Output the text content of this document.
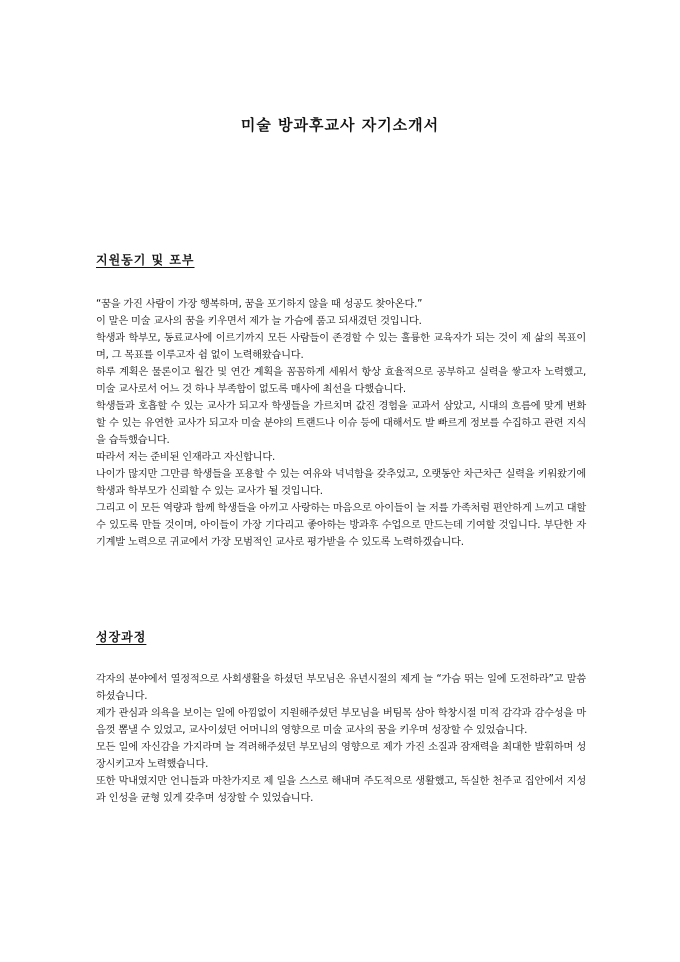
미술 방과후교사 자기소개서
지원동기 및 포부

“꿈을 가진 사람이 가장 행복하며, 꿈을 포기하지 않을 때 성공도 찾아온다.”

이 말은 미술 교사의 꿈을 키우면서 제가 늘 가슴에 품고 되새겼던 것입니다.

학생과 학부모, 동료교사에 이르기까지 모든 사람들이 존경할 수 있는 훌륭한 교육자가 되는 것이 제 삶의 목표이며, 그 목표를 이루고자 쉼 없이 노력해왔습니다.

하루 계획은 물론이고 월간 및 연간 계획을 꼼꼼하게 세워서 항상 효율적으로 공부하고 실력을 쌓고자 노력했고, 미술 교사로서 어느 것 하나 부족함이 없도록 매사에 최선을 다했습니다.

학생들과 호흡할 수 있는 교사가 되고자 학생들을 가르치며 값진 경험을 교과서 삼았고, 시대의 흐름에 맞게 변화할 수 있는 유연한 교사가 되고자 미술 분야의 트랜드나 이슈 등에 대해서도 발 빠르게 정보를 수집하고 관련 지식을 습득했습니다.

따라서 저는 준비된 인재라고 자신합니다.

나이가 많지만 그만큼 학생들을 포용할 수 있는 여유와 넉넉함을 갖추었고, 오랫동안 차근차근 실력을 키워왔기에 학생과 학부모가 신뢰할 수 있는 교사가 될 것입니다.

그리고 이 모든 역량과 함께 학생들을 아끼고 사랑하는 마음으로 아이들이 늘 저를 가족처럼 편안하게 느끼고 대할 수 있도록 만들 것이며, 아이들이 가장 기다리고 좋아하는 방과후 수업으로 만드는데 기여할 것입니다. 부단한 자기계발 노력으로 귀교에서 가장 모범적인 교사로 평가받을 수 있도록 노력하겠습니다.

성장과정

각자의 분야에서 열정적으로 사회생활을 하셨던 부모님은 유년시절의 제게 늘 “가슴 뛰는 일에 도전하라”고 말씀하셨습니다.

제가 관심과 의욕을 보이는 일에 아낌없이 지원해주셨던 부모님을 버팀목 삼아 학창시절 미적 감각과 감수성을 마음껏 뽐낼 수 있었고, 교사이셨던 어머니의 영향으로 미술 교사의 꿈을 키우며 성장할 수 있었습니다.

모든 일에 자신감을 가지라며 늘 격려해주셨던 부모님의 영향으로 제가 가진 소질과 잠재력을 최대한 발휘하며 성장시키고자 노력했습니다.

또한 막내였지만 언니들과 마찬가지로 제 일을 스스로 해내며 주도적으로 생활했고, 독실한 천주교 집안에서 지성과 인성을 균형 있게 갖추며 성장할 수 있었습니다.
